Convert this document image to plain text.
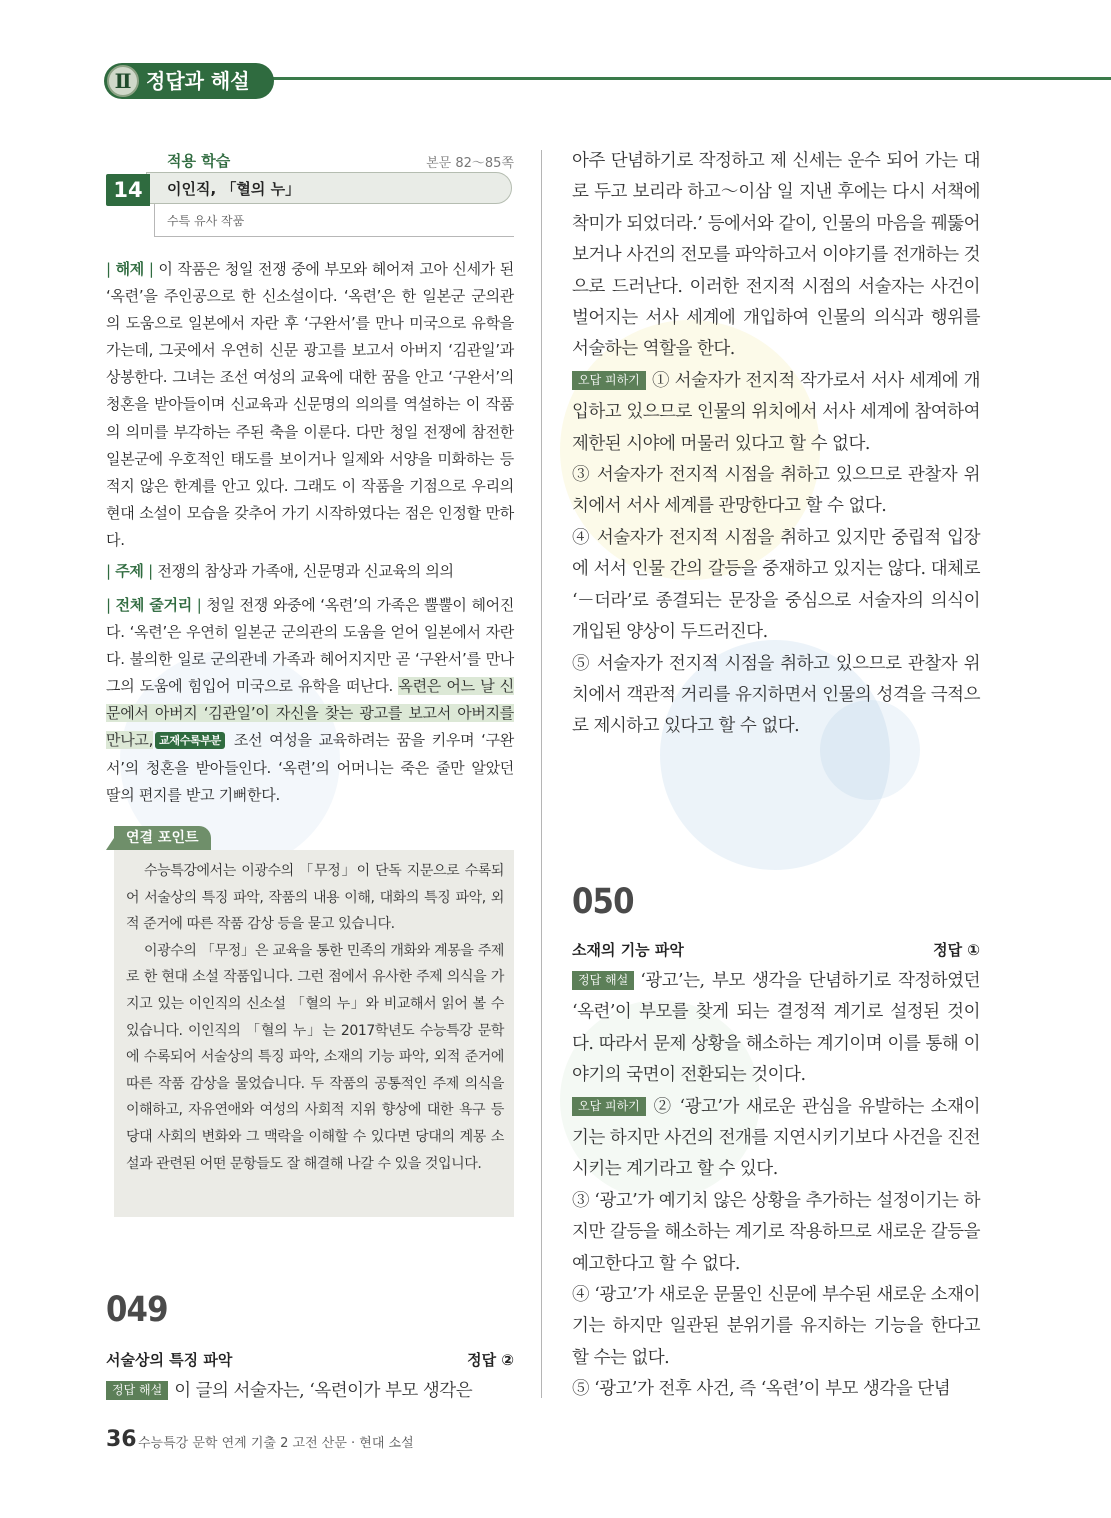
Ⅱ 정답과 해설
적용 학습	본문 82～85쪽
14	이인직, 「혈의 누」
수특 유사 작품
| 해제 | 이 작품은 청일 전쟁 중에 부모와 헤어져 고아 신세가 된 ‘옥련’을 주인공으로 한 신소설이다. ‘옥련’은 한 일본군 군의관의 도움으로 일본에서 자란 후 ‘구완서’를 만나 미국으로 유학을 가는데, 그곳에서 우연히 신문 광고를 보고서 아버지 ‘김관일’과 상봉한다. 그녀는 조선 여성의 교육에 대한 꿈을 안고 ‘구완서’의 청혼을 받아들이며 신교육과 신문명의 의의를 역설하는 이 작품의 의미를 부각하는 주된 축을 이룬다. 다만 청일 전쟁에 참전한 일본군에 우호적인 태도를 보이거나 일제와 서양을 미화하는 등 적지 않은 한계를 안고 있다. 그래도 이 작품을 기점으로 우리의 현대 소설이 모습을 갖추어 가기 시작하였다는 점은 인정할 만하다.
| 주제 | 전쟁의 참상과 가족애, 신문명과 신교육의 의의
| 전체 줄거리 | 청일 전쟁 와중에 ‘옥련’의 가족은 뿔뿔이 헤어진다. ‘옥련’은 우연히 일본군 군의관의 도움을 얻어 일본에서 자란다. 불의한 일로 군의관네 가족과 헤어지지만 곧 ‘구완서’를 만나 그의 도움에 힘입어 미국으로 유학을 떠난다. 옥련은 어느 날 신문에서 아버지 ‘김관일’이 자신을 찾는 광고를 보고서 아버지를 만나고, 교재수록부분 조선 여성을 교육하려는 꿈을 키우며 ‘구완서’의 청혼을 받아들인다. ‘옥련’의 어머니는 죽은 줄만 알았던 딸의 편지를 받고 기뻐한다.
연결 포인트

수능특강에서는 이광수의 「무정」이 단독 지문으로 수록되어 서술상의 특징 파악, 작품의 내용 이해, 대화의 특징 파악, 외적 준거에 따른 작품 감상 등을 묻고 있습니다.

이광수의 「무정」은 교육을 통한 민족의 개화와 계몽을 주제로 한 현대 소설 작품입니다. 그런 점에서 유사한 주제 의식을 가지고 있는 이인직의 신소설 「혈의 누」와 비교해서 읽어 볼 수 있습니다. 이인직의 「혈의 누」는 2017학년도 수능특강 문학에 수록되어 서술상의 특징 파악, 소재의 기능 파악, 외적 준거에 따른 작품 감상을 물었습니다. 두 작품의 공통적인 주제 의식을 이해하고, 자유연애와 여성의 사회적 지위 향상에 대한 욕구 등 당대 사회의 변화와 그 맥락을 이해할 수 있다면 당대의 계몽 소설과 관련된 어떤 문항들도 잘 해결해 나갈 수 있을 것입니다.

049
서술상의 특징 파악	정답 ②
정답 해설 이 글의 서술자는, ‘옥련이가 부모 생각은
아주 단념하기로 작정하고 제 신세는 운수 되어 가는 대로 두고 보리라 하고～이삼 일 지낸 후에는 다시 서책에 착미가 되었더라.’ 등에서와 같이, 인물의 마음을 꿰뚫어 보거나 사건의 전모를 파악하고서 이야기를 전개하는 것으로 드러난다. 이러한 전지적 시점의 서술자는 사건이 벌어지는 서사 세계에 개입하여 인물의 의식과 행위를 서술하는 역할을 한다.
오답 피하기 ① 서술자가 전지적 작가로서 서사 세계에 개입하고 있으므로 인물의 위치에서 서사 세계에 참여하여 제한된 시야에 머물러 있다고 할 수 없다.
③ 서술자가 전지적 시점을 취하고 있으므로 관찰자 위치에서 서사 세계를 관망한다고 할 수 없다.
④ 서술자가 전지적 시점을 취하고 있지만 중립적 입장에 서서 인물 간의 갈등을 중재하고 있지는 않다. 대체로 ‘－더라’로 종결되는 문장을 중심으로 서술자의 의식이 개입된 양상이 두드러진다.
⑤ 서술자가 전지적 시점을 취하고 있으므로 관찰자 위치에서 객관적 거리를 유지하면서 인물의 성격을 극적으로 제시하고 있다고 할 수 없다.
050
소재의 기능 파악	정답 ①
정답 해설 ‘광고’는, 부모 생각을 단념하기로 작정하였던 ‘옥련’이 부모를 찾게 되는 결정적 계기로 설정된 것이다. 따라서 문제 상황을 해소하는 계기이며 이를 통해 이야기의 국면이 전환되는 것이다.
오답 피하기 ② ‘광고’가 새로운 관심을 유발하는 소재이기는 하지만 사건의 전개를 지연시키기보다 사건을 진전시키는 계기라고 할 수 있다.
③ ‘광고’가 예기치 않은 상황을 추가하는 설정이기는 하지만 갈등을 해소하는 계기로 작용하므로 새로운 갈등을 예고한다고 할 수 없다.
④ ‘광고’가 새로운 문물인 신문에 부수된 새로운 소재이기는 하지만 일관된 분위기를 유지하는 기능을 한다고 할 수는 없다.
⑤ ‘광고’가 전후 사건, 즉 ‘옥련’이 부모 생각을 단념
36 수능특강 문학 연계 기출 2 고전 산문 · 현대 소설
